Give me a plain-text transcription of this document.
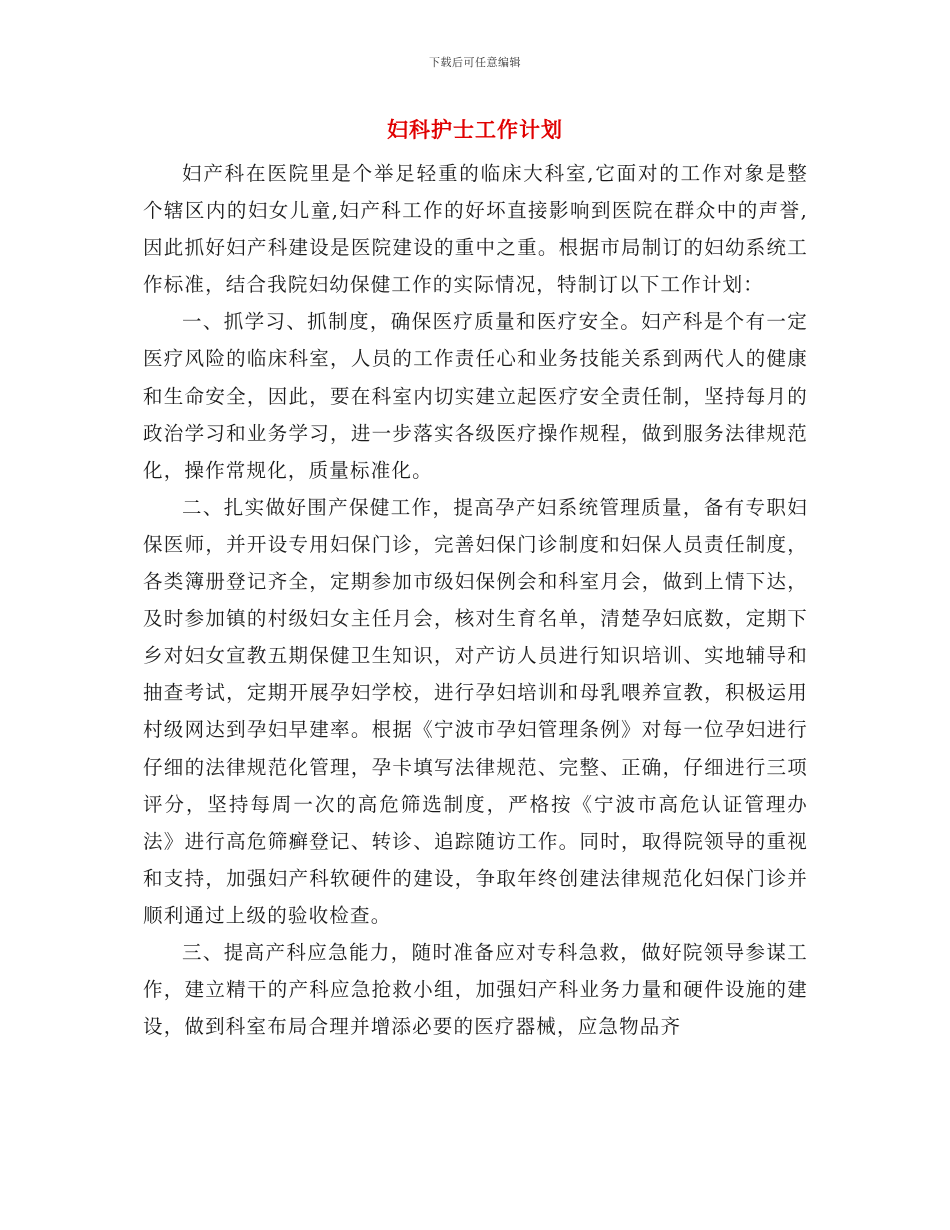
下载后可任意编辑
妇科护士工作计划

妇产科在医院里是个举足轻重的临床大科室,它面对的工作对象是整个辖区内的妇女儿童,妇产科工作的好坏直接影响到医院在群众中的声誉,因此抓好妇产科建设是医院建设的重中之重。根据市局制订的妇幼系统工作标准，结合我院妇幼保健工作的实际情况，特制订以下工作计划：

一、抓学习、抓制度，确保医疗质量和医疗安全。妇产科是个有一定医疗风险的临床科室，人员的工作责任心和业务技能关系到两代人的健康和生命安全，因此，要在科室内切实建立起医疗安全责任制，坚持每月的政治学习和业务学习，进一步落实各级医疗操作规程，做到服务法律规范化，操作常规化，质量标准化。

二、扎实做好围产保健工作，提高孕产妇系统管理质量，备有专职妇保医师，并开设专用妇保门诊，完善妇保门诊制度和妇保人员责任制度，各类簿册登记齐全，定期参加市级妇保例会和科室月会，做到上情下达，及时参加镇的村级妇女主任月会，核对生育名单，清楚孕妇底数，定期下乡对妇女宣教五期保健卫生知识，对产访人员进行知识培训、实地辅导和抽查考试，定期开展孕妇学校，进行孕妇培训和母乳喂养宣教，积极运用村级网达到孕妇早建率。根据《宁波市孕妇管理条例》对每一位孕妇进行仔细的法律规范化管理，孕卡填写法律规范、完整、正确，仔细进行三项评分，坚持每周一次的高危筛选制度，严格按《宁波市高危认证管理办法》进行高危筛癣登记、转诊、追踪随访工作。同时，取得院领导的重视和支持，加强妇产科软硬件的建设，争取年终创建法律规范化妇保门诊并顺利通过上级的验收检查。

三、提高产科应急能力，随时准备应对专科急救，做好院领导参谋工作，建立精干的产科应急抢救小组，加强妇产科业务力量和硬件设施的建设，做到科室布局合理并增添必要的医疗器械，应急物品齐
